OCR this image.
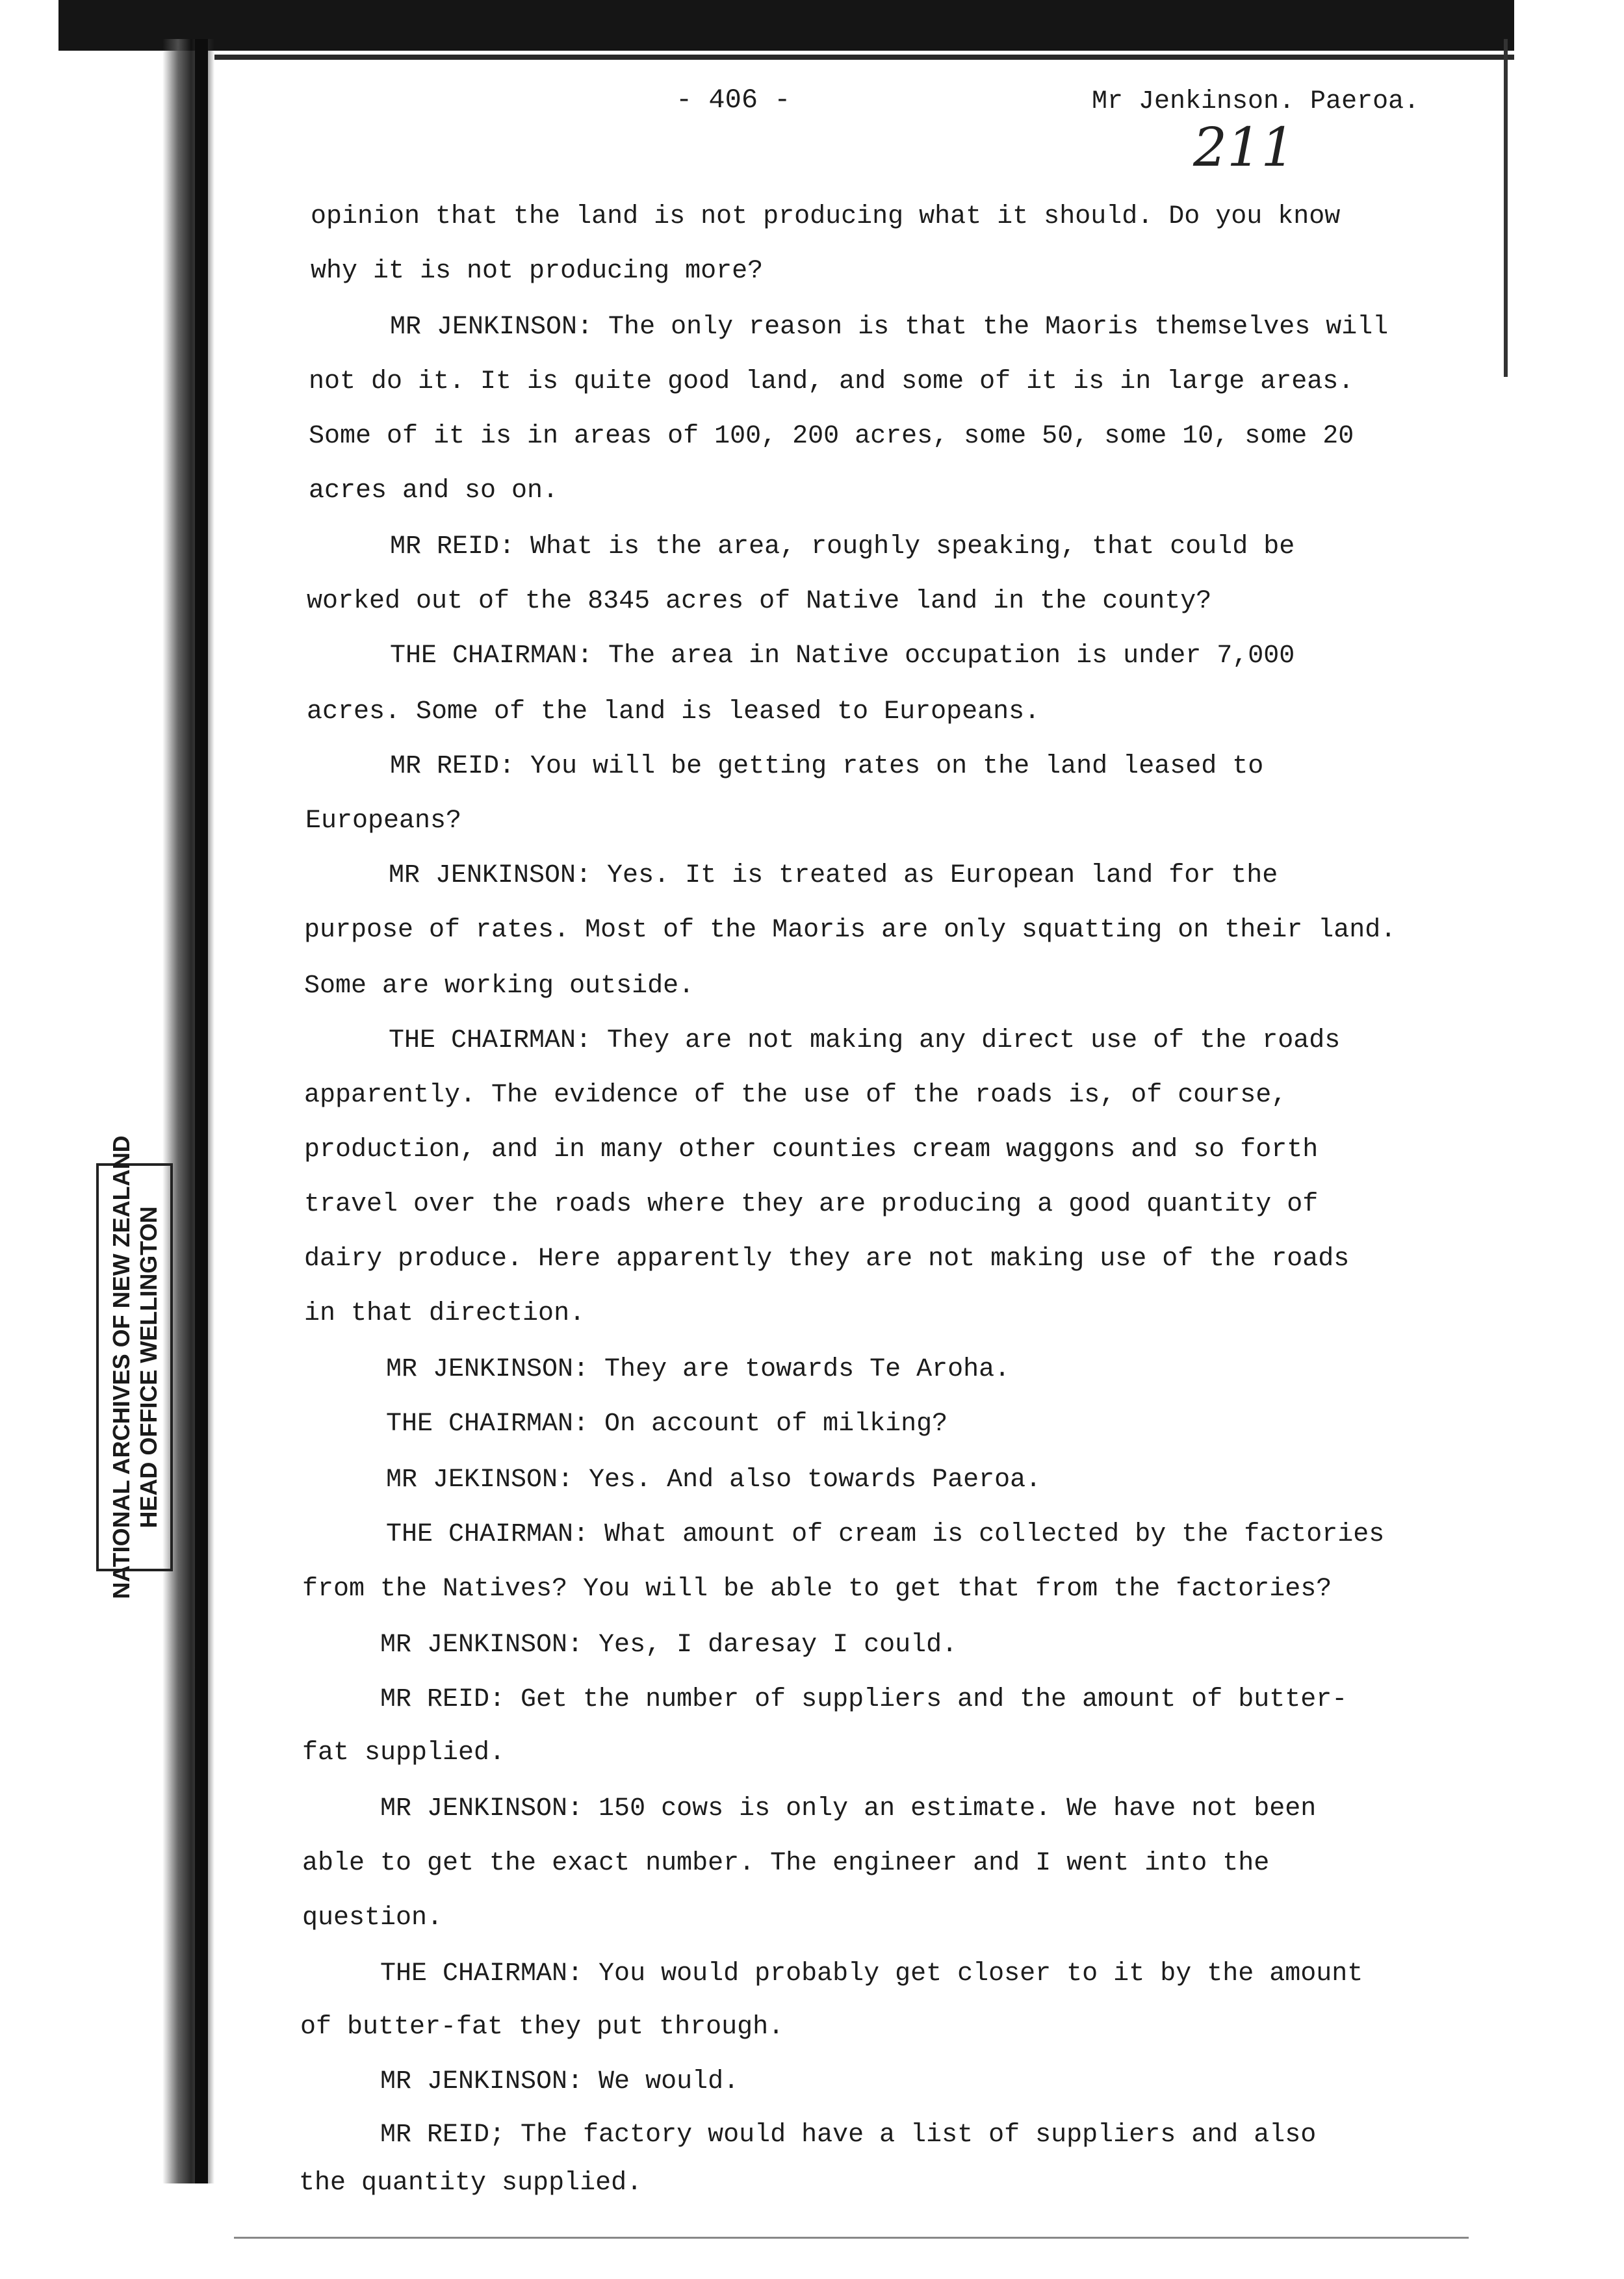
NATIONAL ARCHIVES OF NEW ZEALAND HEAD OFFICE WELLINGTON
- 406 -	Mr Jenkinson. Paeroa.
211
opinion that the land is not producing what it should. Do you know
why it is not producing more?
MR JENKINSON: The only reason is that the Maoris themselves will
not do it. It is quite good land, and some of it is in large areas.
Some of it is in areas of 100, 200 acres, some 50, some 10, some 20
acres and so on.
MR REID: What is the area, roughly speaking, that could be
worked out of the 8345 acres of Native land in the county?
THE CHAIRMAN: The area in Native occupation is under 7,000
acres. Some of the land is leased to Europeans.
MR REID: You will be getting rates on the land leased to
Europeans?
MR JENKINSON: Yes. It is treated as European land for the
purpose of rates. Most of the Maoris are only squatting on their land.
Some are working outside.
THE CHAIRMAN: They are not making any direct use of the roads
apparently. The evidence of the use of the roads is, of course,
production, and in many other counties cream waggons and so forth
travel over the roads where they are producing a good quantity of
dairy produce. Here apparently they are not making use of the roads
in that direction.
MR JENKINSON: They are towards Te Aroha.
THE CHAIRMAN: On account of milking?
MR JEKINSON: Yes. And also towards Paeroa.
THE CHAIRMAN: What amount of cream is collected by the factories
from the Natives? You will be able to get that from the factories?
MR JENKINSON: Yes, I daresay I could.
MR REID: Get the number of suppliers and the amount of butter-
fat supplied.
MR JENKINSON: 150 cows is only an estimate. We have not been
able to get the exact number. The engineer and I went into the
question.
THE CHAIRMAN: You would probably get closer to it by the amount
of butter-fat they put through.
MR JENKINSON: We would.
MR REID; The factory would have a list of suppliers and also
the quantity supplied.
